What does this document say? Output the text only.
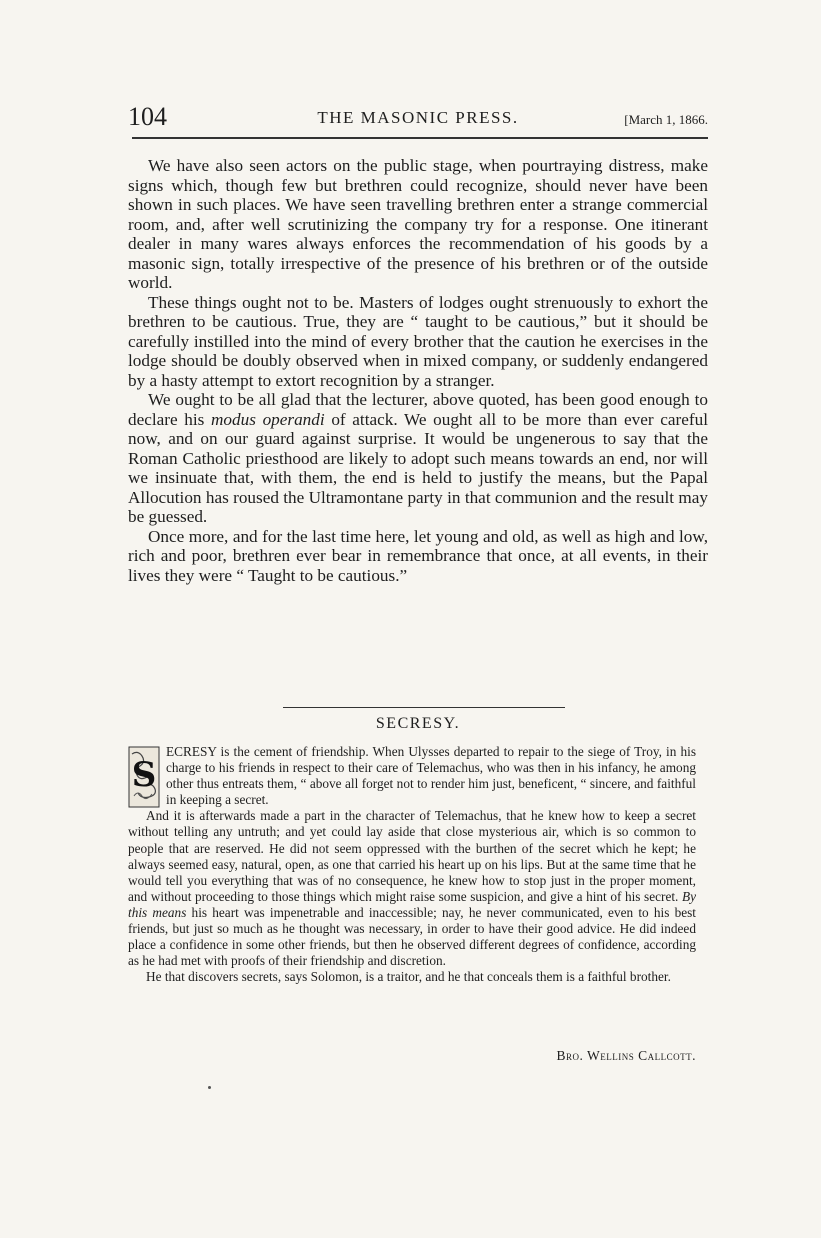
104	THE MASONIC PRESS.	[March 1, 1866.

We have also seen actors on the public stage, when pourtraying distress, make signs which, though few but brethren could recognize, should never have been shown in such places. We have seen travelling brethren enter a strange commercial room, and, after well scrutinizing the company try for a response. One itinerant dealer in many wares always enforces the recommendation of his goods by a masonic sign, totally irrespective of the presence of his brethren or of the outside world.

These things ought not to be. Masters of lodges ought strenuously to exhort the brethren to be cautious. True, they are “ taught to be cautious,” but it should be carefully instilled into the mind of every brother that the caution he exercises in the lodge should be doubly observed when in mixed company, or suddenly endangered by a hasty attempt to extort recognition by a stranger.

We ought to be all glad that the lecturer, above quoted, has been good enough to declare his modus operandi of attack. We ought all to be more than ever careful now, and on our guard against surprise. It would be ungenerous to say that the Roman Catholic priesthood are likely to adopt such means towards an end, nor will we insinuate that, with them, the end is held to justify the means, but the Papal Allocution has roused the Ultramontane party in that communion and the result may be guessed.

Once more, and for the last time here, let young and old, as well as high and low, rich and poor, brethren ever bear in remembrance that once, at all events, in their lives they were “ Taught to be cautious.”

SECRESY.

S
ECRESY is the cement of friendship. When Ulysses departed to repair to the siege of Troy, in his charge to his friends in respect to their care of Telemachus, who was then in his infancy, he among other thus entreats them, “ above all forget not to render him just, beneficent, “ sincere, and faithful in keeping a secret.

And it is afterwards made a part in the character of Telemachus, that he knew how to keep a secret without telling any untruth; and yet could lay aside that close mysterious air, which is so common to people that are reserved. He did not seem oppressed with the burthen of the secret which he kept; he always seemed easy, natural, open, as one that carried his heart up on his lips. But at the same time that he would tell you everything that was of no consequence, he knew how to stop just in the proper moment, and without proceeding to those things which might raise some suspicion, and give a hint of his secret. By this means his heart was impenetrable and inaccessible; nay, he never communicated, even to his best friends, but just so much as he thought was necessary, in order to have their good advice. He did indeed place a confidence in some other friends, but then he observed different degrees of confidence, according as he had met with proofs of their friendship and discretion.

He that discovers secrets, says Solomon, is a traitor, and he that conceals them is a faithful brother.

Bro. Wellins Callcott.
